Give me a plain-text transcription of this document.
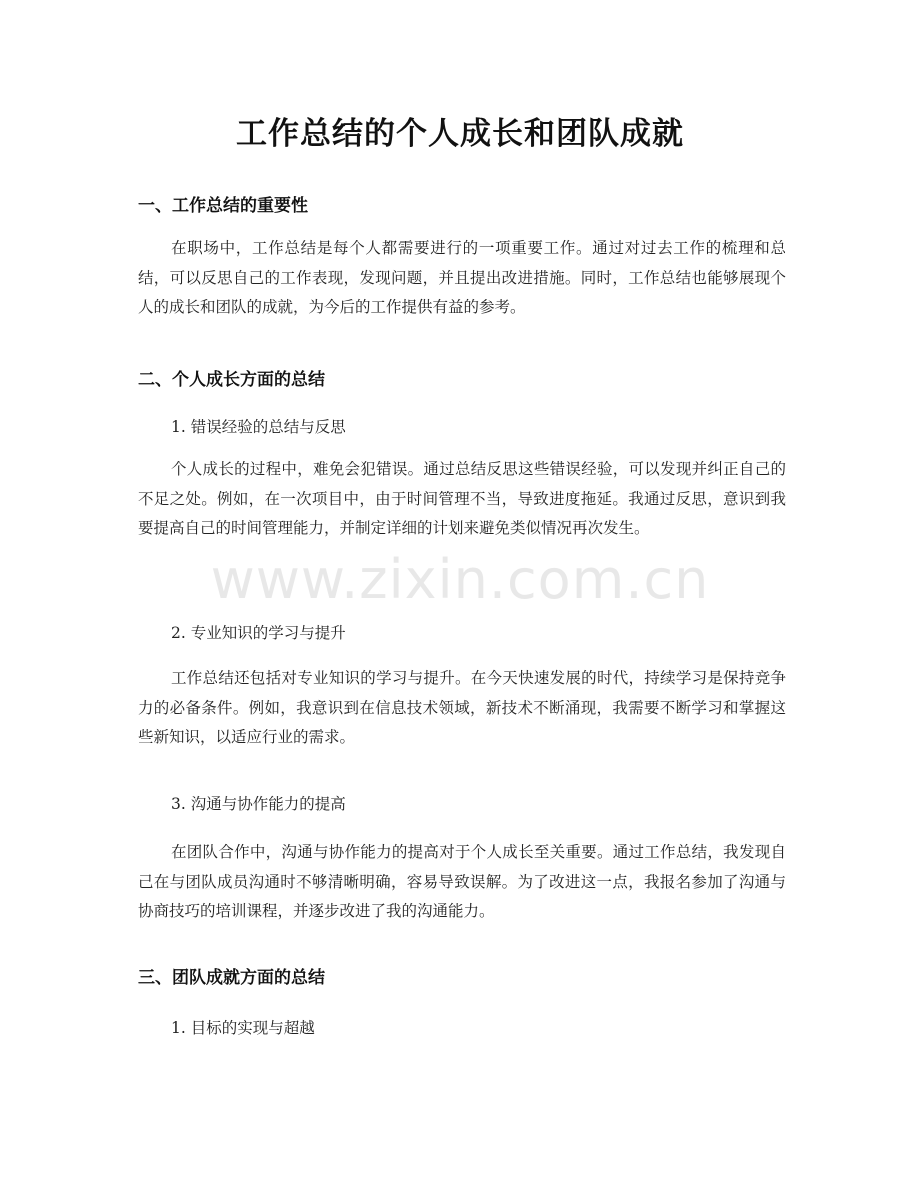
工作总结的个人成长和团队成就
一、工作总结的重要性
在职场中，工作总结是每个人都需要进行的一项重要工作。通过对过去工作的梳理和总结，可以反思自己的工作表现，发现问题，并且提出改进措施。同时，工作总结也能够展现个人的成长和团队的成就，为今后的工作提供有益的参考。
二、个人成长方面的总结
1. 错误经验的总结与反思
个人成长的过程中，难免会犯错误。通过总结反思这些错误经验，可以发现并纠正自己的不足之处。例如，在一次项目中，由于时间管理不当，导致进度拖延。我通过反思，意识到我要提高自己的时间管理能力，并制定详细的计划来避免类似情况再次发生。
2. 专业知识的学习与提升
工作总结还包括对专业知识的学习与提升。在今天快速发展的时代，持续学习是保持竞争力的必备条件。例如，我意识到在信息技术领域，新技术不断涌现，我需要不断学习和掌握这些新知识，以适应行业的需求。
3. 沟通与协作能力的提高
在团队合作中，沟通与协作能力的提高对于个人成长至关重要。通过工作总结，我发现自己在与团队成员沟通时不够清晰明确，容易导致误解。为了改进这一点，我报名参加了沟通与协商技巧的培训课程，并逐步改进了我的沟通能力。
三、团队成就方面的总结
1. 目标的实现与超越
www.zixin.com.cn
